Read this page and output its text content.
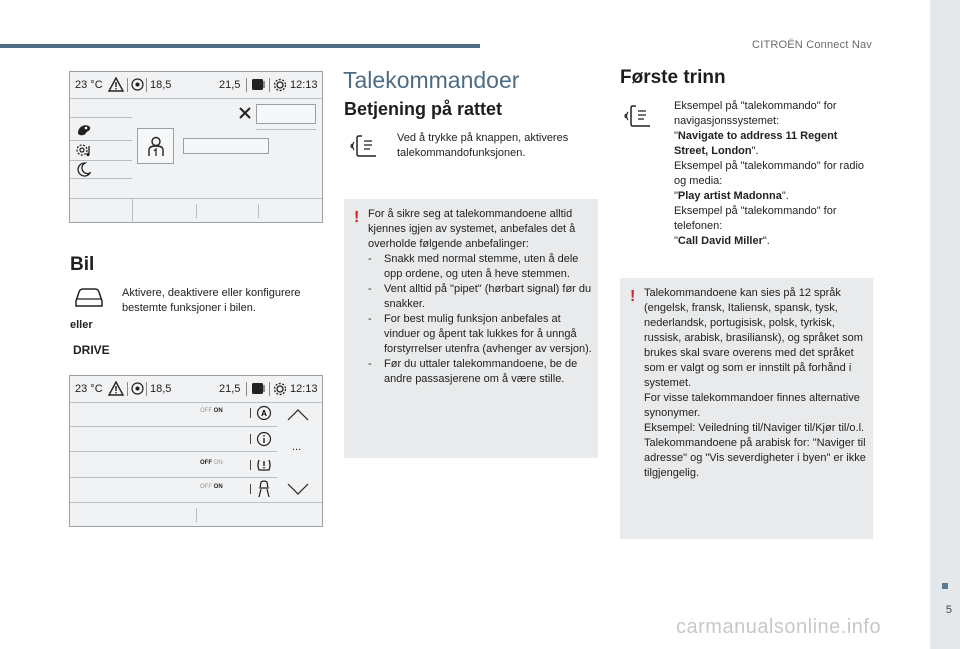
CITROËN Connect Nav
5
23 °C	18,5	21,5	12:13
Bil
eller
Aktivere, deaktivere eller konfigurere bestemte funksjoner i bilen.
DRIVE
23 °C	18,5	21,5	12:13
OFF ON	A
...
OFF ON
OFF ON
Talekommandoer
Betjening på rattet
Ved å trykke på knappen, aktiveres talekommandofunksjonen.
! For å sikre seg at talekommandoene alltid kjennes igjen av systemet, anbefales det å overholde følgende anbefalinger:
- Snakk med normal stemme, uten å dele opp ordene, og uten å heve stemmen.
- Vent alltid på "pipet" (hørbart signal) før du snakker.
- For best mulig funksjon anbefales at vinduer og åpent tak lukkes for å unngå forstyrrelser utenfra (avhenger av versjon).
- Før du uttaler talekommandoene, be de andre passasjerene om å være stille.
Første trinn
Eksempel på "talekommando" for navigasjonssystemet:
"Navigate to address 11 Regent Street, London".
Eksempel på "talekommando" for radio og media:
"Play artist Madonna".
Eksempel på "talekommando" for telefonen:
"Call David Miller".
! Talekommandoene kan sies på 12 språk (engelsk, fransk, Italiensk, spansk, tysk, nederlandsk, portugisisk, polsk, tyrkisk, russisk, arabisk, brasiliansk), og språket som brukes skal svare overens med det språket som er valgt og som er innstilt på forhånd i systemet.
For visse talekommandoer finnes alternative synonymer.
Eksempel: Veiledning til/Naviger til/Kjør til/o.l.
Talekommandoene på arabisk for: "Naviger til adresse" og "Vis severdigheter i byen" er ikke tilgjengelig.
carmanualsonline.info
